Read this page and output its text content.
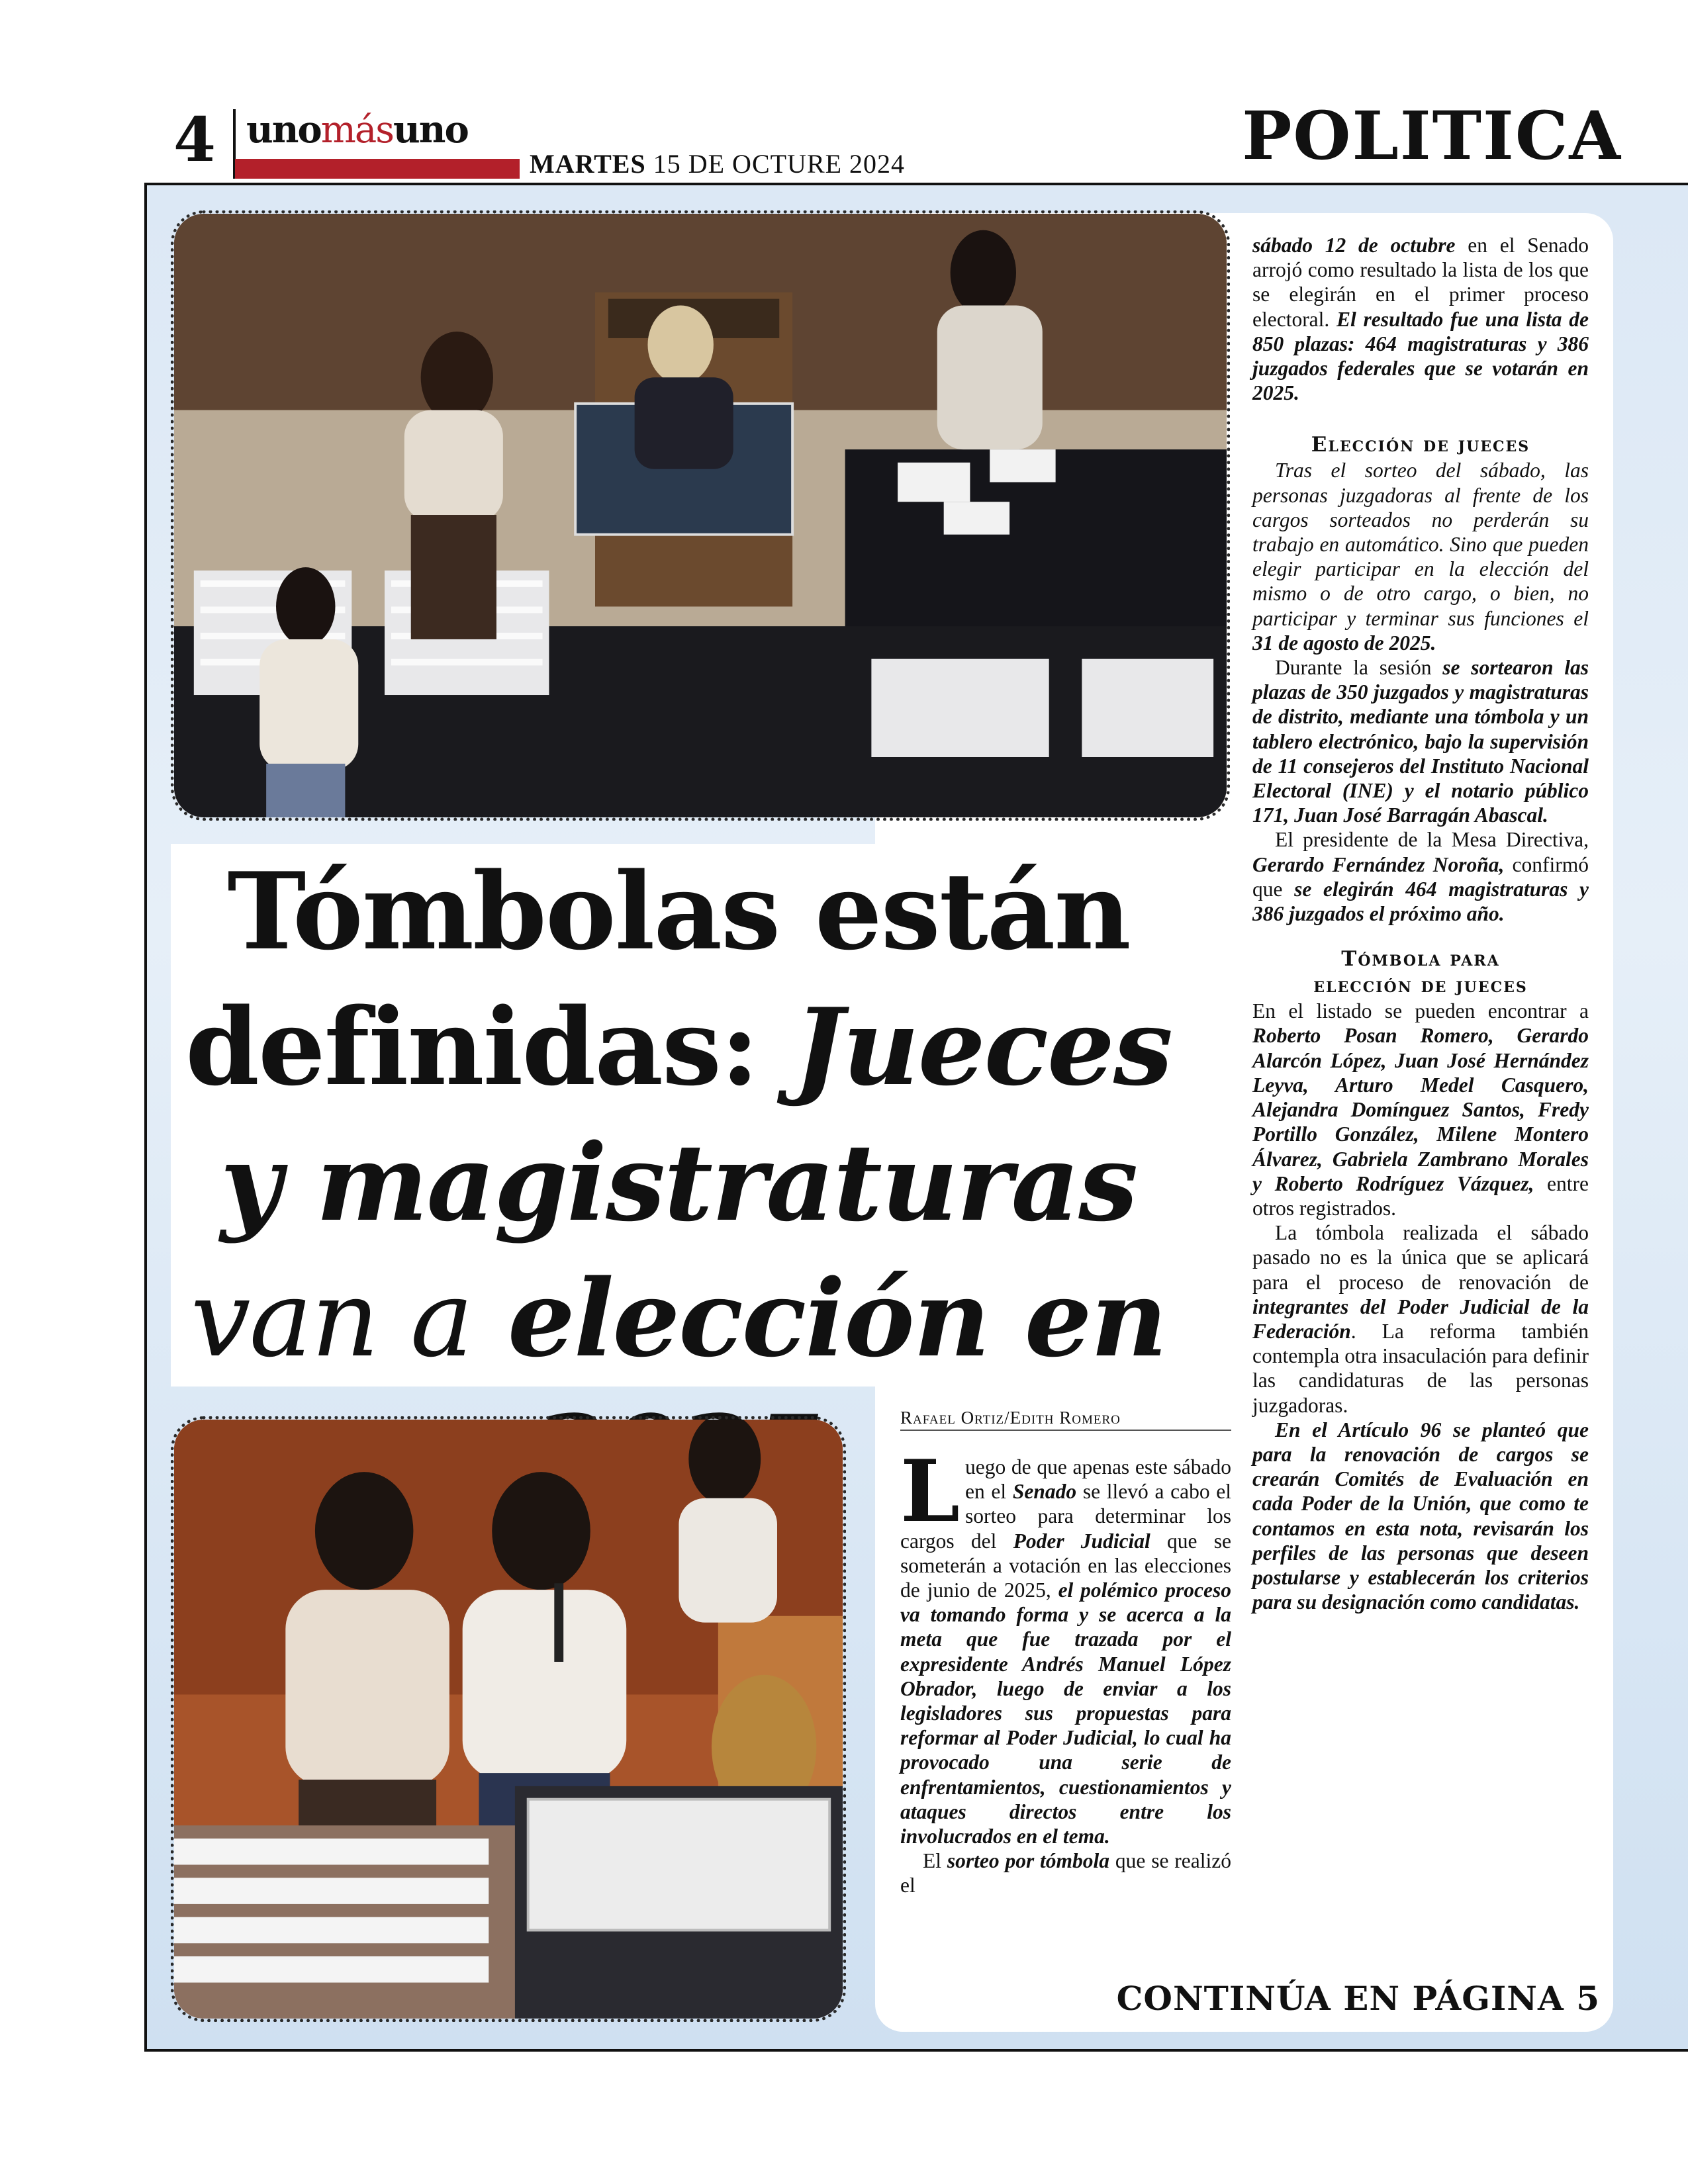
4 unomásuno
MARTES 15 DE OCTURE 2024	POLITICA
Tómbolas están definidas: Jueces y magistraturas van a elección en
Rafael Ortiz/Edith Romero

Luego de que apenas este sábado en el Senado se llevó a cabo el sorteo para determinar los cargos del Poder Judicial que se someterán a votación en las elecciones de junio de 2025, el polémico proceso va tomando forma y se acerca a la meta que fue trazada por el expresidente Andrés Manuel López Obrador, luego de enviar a los legisladores sus propuestas para reformar al Poder Judicial, lo cual ha provocado una serie de enfrentamientos, cuestionamientos y ataques directos entre los involucrados en el tema.

El sorteo por tómbola que se realizó el

sábado 12 de octubre en el Senado arrojó como resultado la lista de los que se elegirán en el primer proceso electoral. El resultado fue una lista de 850 plazas: 464 magistraturas y 386 juzgados federales que se votarán en 2025.

Elección de jueces

Tras el sorteo del sábado, las personas juzgadoras al frente de los cargos sorteados no perderán su trabajo en automático. Sino que pueden elegir participar en la elección del mismo o de otro cargo, o bien, no participar y terminar sus funciones el 31 de agosto de 2025.

Durante la sesión se sortearon las plazas de 350 juzgados y magistraturas de distrito, mediante una tómbola y un tablero electrónico, bajo la supervisión de 11 consejeros del Instituto Nacional Electoral (INE) y el notario público 171, Juan José Barragán Abascal.

El presidente de la Mesa Directiva, Gerardo Fernández Noroña, confirmó que se elegirán 464 magistraturas y 386 juzgados el próximo año.

Tómbola para
elección de jueces

En el listado se pueden encontrar a Roberto Posan Romero, Gerardo Alarcón López, Juan José Hernández Leyva, Arturo Medel Casquero, Alejandra Domínguez Santos, Fredy Portillo González, Milene Montero Álvarez, Gabriela Zambrano Morales y Roberto Rodríguez Vázquez, entre otros registrados.

La tómbola realizada el sábado pasado no es la única que se aplicará para el proceso de renovación de integrantes del Poder Judicial de la Federación. La reforma también contempla otra insaculación para definir las candidaturas de las personas juzgadoras.

En el Artículo 96 se planteó que para la renovación de cargos se crearán Comités de Evaluación en cada Poder de la Unión, que como te contamos en esta nota, revisarán los perfiles de las personas que deseen postularse y establecerán los criterios para su designación como candidatas.

CONTINÚA EN PÁGINA 5
